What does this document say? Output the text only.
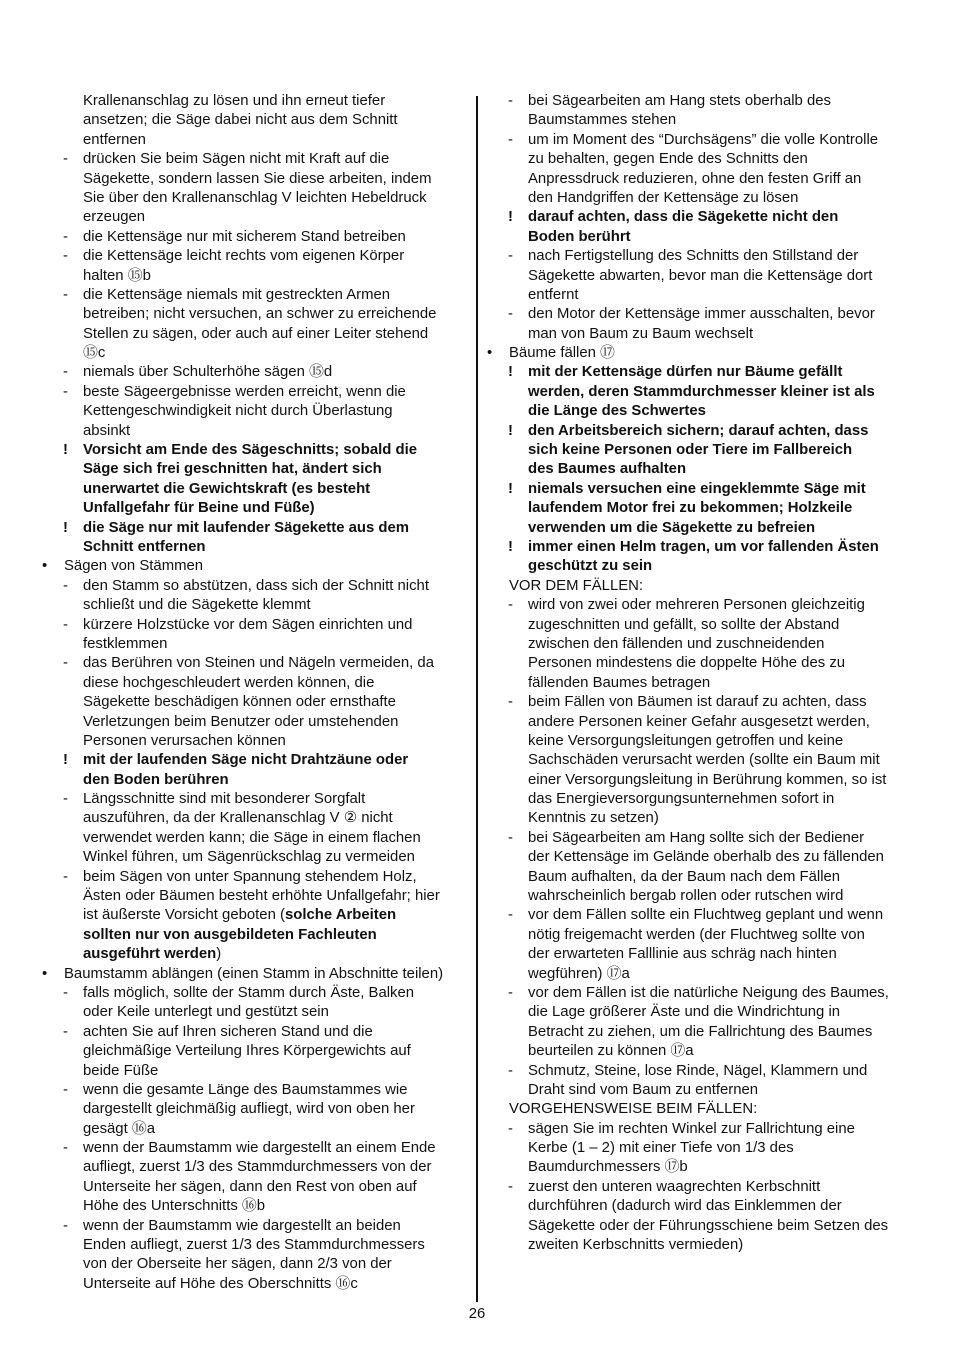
Krallenanschlag zu lösen und ihn erneut tiefer
ansetzen; die Säge dabei nicht aus dem Schnitt
entfernen
- drücken Sie beim Sägen nicht mit Kraft auf die
Sägekette, sondern lassen Sie diese arbeiten, indem
Sie über den Krallenanschlag V leichten Hebeldruck
erzeugen
- die Kettensäge nur mit sicherem Stand betreiben
- die Kettensäge leicht rechts vom eigenen Körper
halten ⑮b
- die Kettensäge niemals mit gestreckten Armen
betreiben; nicht versuchen, an schwer zu erreichende
Stellen zu sägen, oder auch auf einer Leiter stehend
⑮c
- niemals über Schulterhöhe sägen ⑮d
- beste Sägeergebnisse werden erreicht, wenn die
Kettengeschwindigkeit nicht durch Überlastung
absinkt
! Vorsicht am Ende des Sägeschnitts; sobald die
Säge sich frei geschnitten hat, ändert sich
unerwartet die Gewichtskraft (es besteht
Unfallgefahr für Beine und Füße)
! die Säge nur mit laufender Sägekette aus dem
Schnitt entfernen
• Sägen von Stämmen
- den Stamm so abstützen, dass sich der Schnitt nicht
schließt und die Sägekette klemmt
- kürzere Holzstücke vor dem Sägen einrichten und
festklemmen
- das Berühren von Steinen und Nägeln vermeiden, da
diese hochgeschleudert werden können, die
Sägekette beschädigen können oder ernsthafte
Verletzungen beim Benutzer oder umstehenden
Personen verursachen können
! mit der laufenden Säge nicht Drahtzäune oder
den Boden berühren
- Längsschnitte sind mit besonderer Sorgfalt
auszuführen, da der Krallenanschlag V ② nicht
verwendet werden kann; die Säge in einem flachen
Winkel führen, um Sägenrückschlag zu vermeiden
- beim Sägen von unter Spannung stehendem Holz,
Ästen oder Bäumen besteht erhöhte Unfallgefahr; hier
ist äußerste Vorsicht geboten (solche Arbeiten
sollten nur von ausgebildeten Fachleuten
ausgeführt werden)
• Baumstamm ablängen (einen Stamm in Abschnitte teilen)
- falls möglich, sollte der Stamm durch Äste, Balken
oder Keile unterlegt und gestützt sein
- achten Sie auf Ihren sicheren Stand und die
gleichmäßige Verteilung Ihres Körpergewichts auf
beide Füße
- wenn die gesamte Länge des Baumstammes wie
dargestellt gleichmäßig aufliegt, wird von oben her
gesägt ⑯a
- wenn der Baumstamm wie dargestellt an einem Ende
aufliegt, zuerst 1/3 des Stammdurchmessers von der
Unterseite her sägen, dann den Rest von oben auf
Höhe des Unterschnitts ⑯b
- wenn der Baumstamm wie dargestellt an beiden
Enden aufliegt, zuerst 1/3 des Stammdurchmessers
von der Oberseite her sägen, dann 2/3 von der
Unterseite auf Höhe des Oberschnitts ⑯c
- bei Sägearbeiten am Hang stets oberhalb des
Baumstammes stehen
- um im Moment des “Durchsägens” die volle Kontrolle
zu behalten, gegen Ende des Schnitts den
Anpressdruck reduzieren, ohne den festen Griff an
den Handgriffen der Kettensäge zu lösen
! darauf achten, dass die Sägekette nicht den
Boden berührt
- nach Fertigstellung des Schnitts den Stillstand der
Sägekette abwarten, bevor man die Kettensäge dort
entfernt
- den Motor der Kettensäge immer ausschalten, bevor
man von Baum zu Baum wechselt
• Bäume fällen ⑰
! mit der Kettensäge dürfen nur Bäume gefällt
werden, deren Stammdurchmesser kleiner ist als
die Länge des Schwertes
! den Arbeitsbereich sichern; darauf achten, dass
sich keine Personen oder Tiere im Fallbereich
des Baumes aufhalten
! niemals versuchen eine eingeklemmte Säge mit
laufendem Motor frei zu bekommen; Holzkeile
verwenden um die Sägekette zu befreien
! immer einen Helm tragen, um vor fallenden Ästen
geschützt zu sein
VOR DEM FÄLLEN:
- wird von zwei oder mehreren Personen gleichzeitig
zugeschnitten und gefällt, so sollte der Abstand
zwischen den fällenden und zuschneidenden
Personen mindestens die doppelte Höhe des zu
fällenden Baumes betragen
- beim Fällen von Bäumen ist darauf zu achten, dass
andere Personen keiner Gefahr ausgesetzt werden,
keine Versorgungsleitungen getroffen und keine
Sachschäden verursacht werden (sollte ein Baum mit
einer Versorgungsleitung in Berührung kommen, so ist
das Energieversorgungsunternehmen sofort in
Kenntnis zu setzen)
- bei Sägearbeiten am Hang sollte sich der Bediener
der Kettensäge im Gelände oberhalb des zu fällenden
Baum aufhalten, da der Baum nach dem Fällen
wahrscheinlich bergab rollen oder rutschen wird
- vor dem Fällen sollte ein Fluchtweg geplant und wenn
nötig freigemacht werden (der Fluchtweg sollte von
der erwarteten Falllinie aus schräg nach hinten
wegführen) ⑰a
- vor dem Fällen ist die natürliche Neigung des Baumes,
die Lage größerer Äste und die Windrichtung in
Betracht zu ziehen, um die Fallrichtung des Baumes
beurteilen zu können ⑰a
- Schmutz, Steine, lose Rinde, Nägel, Klammern und
Draht sind vom Baum zu entfernen
VORGEHENSWEISE BEIM FÄLLEN:
- sägen Sie im rechten Winkel zur Fallrichtung eine
Kerbe (1 – 2) mit einer Tiefe von 1/3 des
Baumdurchmessers ⑰b
- zuerst den unteren waagrechten Kerbschnitt
durchführen (dadurch wird das Einklemmen der
Sägekette oder der Führungsschiene beim Setzen des
zweiten Kerbschnitts vermieden)
26
